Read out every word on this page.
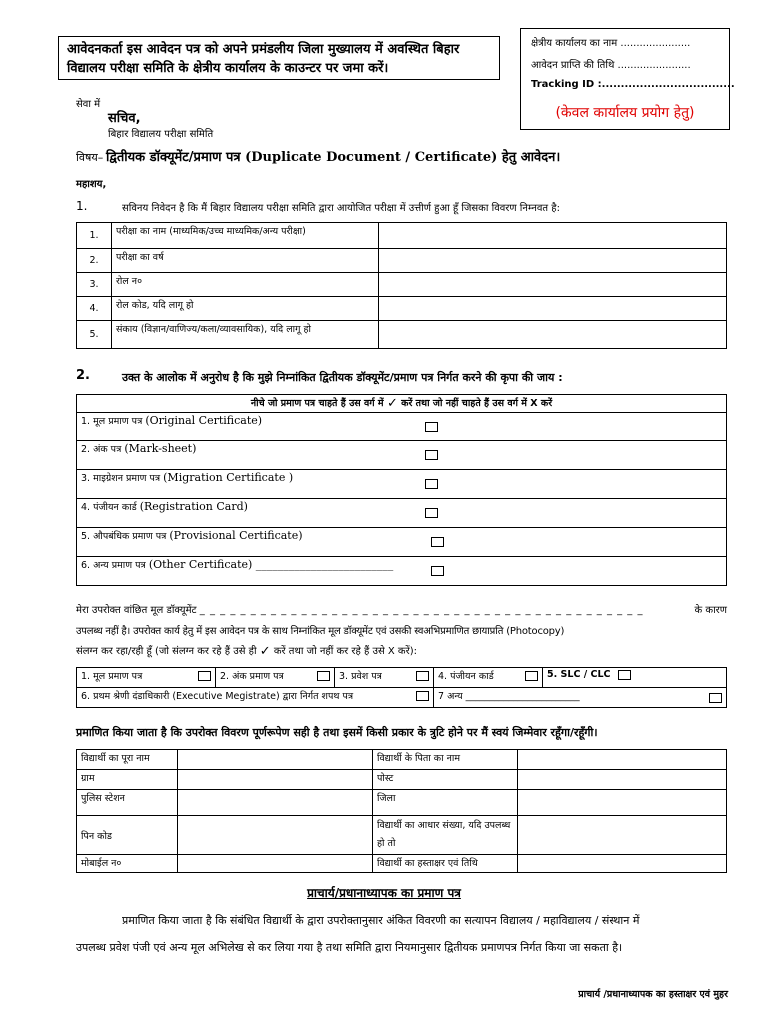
आवेदनकर्ता इस आवेदन पत्र को अपने प्रमंडलीय जिला मुख्यालय में अवस्थित बिहार विद्यालय परीक्षा समिति के क्षेत्रीय कार्यालय के काउन्टर पर जमा करें।
क्षेत्रीय कार्यालय का नाम ......................
आवेदन प्राप्ति की तिथि .......................
Tracking ID :...................................
(केवल कार्यालय प्रयोग हेतु)
सेवा में
सचिव,
बिहार विद्यालय परीक्षा समिति
विषय– द्वितीयक डॉक्यूमेंट/प्रमाण पत्र (Duplicate Document / Certificate) हेतु आवेदन।
महाशय,
1.	सविनय निवेदन है कि मैं बिहार विद्यालय परीक्षा समिति द्वारा आयोजित परीक्षा में उत्तीर्ण हुआ हूँ जिसका विवरण निम्नवत है:
1.	परीक्षा का नाम (माध्यमिक/उच्च माध्यमिक/अन्य परीक्षा)	
2.	परीक्षा का वर्ष	
3.	रोल न०	
4.	रोल कोड, यदि लागू हो	
5.	संकाय (विज्ञान/वाणिज्य/कला/व्यावसायिक), यदि लागू हो	
2.	उक्त के आलोक में अनुरोध है कि मुझे निम्नांकित द्वितीयक डॉक्यूमेंट/प्रमाण पत्र निर्गत करने की कृपा की जाय :
नीचे जो प्रमाण पत्र चाहते हैं उस वर्ग में ✓ करें तथा जो नहीं चाहते हैं उस वर्ग में X करें	
1. मूल प्रमाण पत्र (Original Certificate)	
2. अंक पत्र (Mark-sheet)	
3. माइग्रेशन प्रमाण पत्र (Migration Certificate )	
4. पंजीयन कार्ड (Registration Card)	
5. औपबंधिक प्रमाण पत्र (Provisional Certificate)	
6. अन्य प्रमाण पत्र (Other Certificate) _________________________	
मेरा उपरोक्त वांछित मूल डॉक्यूमेंट _ _ _ _ _ _ _ _ _ _ _ _ _ _ _ _ _ _ _ _ _ _ _ _ _ _ _ _ _ _ _ _ _ _ _ _ _ _ _ _ _ _ _ _	के कारण
उपलब्ध नहीं है। उपरोक्त कार्य हेतु में इस आवेदन पत्र के साथ निम्नांकित मूल डॉक्यूमेंट एवं उसकी स्वअभिप्रमाणित छायाप्रति (Photocopy)
संलग्न कर रहा/रही हूँ (जो संलग्न कर रहे हैं उसे ही ✓ करें तथा जो नहीं कर रहे हैं उसे X करें):
1. मूल प्रमाण पत्र	2. अंक प्रमाण पत्र	3. प्रवेश पत्र	4. पंजीयन कार्ड	5. SLC / CLC
6. प्रथम श्रेणी दंडाधिकारी (Executive Megistrate) द्वारा निर्गत शपथ पत्र			7 अन्य ________________________	
प्रमाणित किया जाता है कि उपरोक्त विवरण पूर्णरूपेण सही है तथा इसमें किसी प्रकार के त्रुटि होने पर मैं स्वयं जिम्मेवार रहूँगा/रहूँगी।
विद्यार्थी का पूरा नाम		विद्यार्थी के पिता का नाम	
ग्राम		पोस्ट	
पुलिस स्टेशन		जिला	
पिन कोड		विद्यार्थी का आधार संख्या, यदि उपलब्ध हो तो	
मोबाईल न०		विद्यार्थी का हस्ताक्षर एवं तिथि	
प्राचार्य/प्रधानाध्यापक का प्रमाण पत्र
प्रमाणित किया जाता है कि संबंधित विद्यार्थी के द्वारा उपरोक्तानुसार अंकित विवरणी का सत्यापन विद्यालय / महाविद्यालय / संस्थान में
उपलब्ध प्रवेश पंजी एवं अन्य मूल अभिलेख से कर लिया गया है तथा समिति द्वारा नियमानुसार द्वितीयक प्रमाणपत्र निर्गत किया जा सकता है।
प्राचार्य /प्रधानाध्यापक का हस्ताक्षर एवं मुहर
